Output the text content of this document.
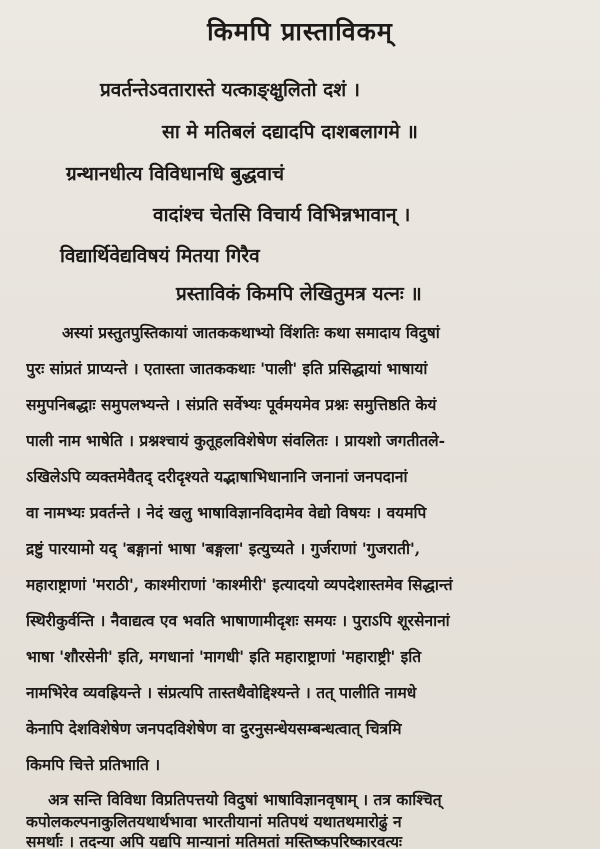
किमपि प्रास्ताविकम्
प्रवर्तन्तेऽवतारास्ते यत्काङ्क्षुलितो दशं ।
सा मे मतिबलं दद्यादपि दाशबलागमे ॥
ग्रन्थानधीत्य विविधानधि बुद्धवाचं
वादांश्च चेतसि विचार्य विभिन्नभावान् ।
विद्यार्थिवेद्यविषयं मितया गिरैव
प्रस्ताविकं किमपि लेखितुमत्र यत्नः ॥
अस्यां प्रस्तुतपुस्तिकायां जातककथाभ्यो विंशतिः कथा समादाय विदुषां
पुरः सांप्रतं प्राप्यन्ते । एतास्ता जातककथाः 'पाली' इति प्रसिद्धायां भाषायां
समुपनिबद्धाः समुपलभ्यन्ते । संप्रति सर्वेभ्यः पूर्वमयमेव प्रश्नः समुत्तिष्ठति केयं
पाली नाम भाषेति । प्रश्नश्चायं कुतूहलविशेषेण संवलितः । प्रायशो जगतीतले-
ऽखिलेऽपि व्यक्तमेवैतद् दरीदृश्यते यद्भाषाभिधानानि जनानां जनपदानां
वा नामभ्यः प्रवर्तन्ते । नेदं खलु भाषाविज्ञानविदामेव वेद्यो विषयः । वयमपि
द्रष्टुं पारयामो यद् 'बङ्गानां भाषा 'बङ्गला' इत्युच्यते । गुर्जराणां 'गुजराती',
महाराष्ट्राणां 'मराठी', काश्मीराणां 'काश्मीरी' इत्यादयो व्यपदेशास्तमेव सिद्धान्तं
स्थिरीकुर्वन्ति । नैवाद्यत्व एव भवति भाषाणामीदृशः समयः । पुराऽपि शूरसेनानां
भाषा 'शौरसेनी' इति, मगधानां 'मागधी' इति महाराष्ट्राणां 'महाराष्ट्री' इति
नामभिरेव व्यवह्रियन्ते । संप्रत्यपि तास्तथैवोद्दिश्यन्ते । तत् पालीति नामधे
केनापि देशविशेषेण जनपदविशेषेण वा दुरनुसन्धेयसम्बन्धत्वात् चित्रमि
किमपि चित्ते प्रतिभाति ।
अत्र सन्ति विविधा विप्रतिपत्तयो विदुषां भाषाविज्ञानवृषाम् । तत्र काश्चित्
कपोलकल्पनाकुलितयथार्थभावा भारतीयानां मतिपथं यथातथमारोढुं न
समर्थाः । तदन्या अपि यद्यपि मान्यानां मतिमतां मस्तिष्कपरिष्कारवत्यः
